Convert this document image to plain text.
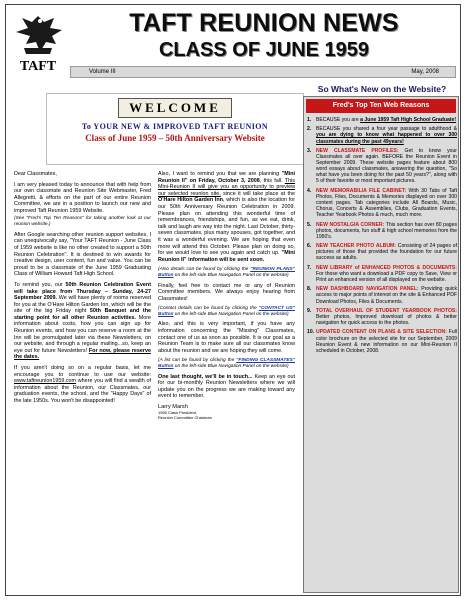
TAFT
TAFT REUNION NEWS
CLASS OF JUNE 1959
Volume III	May, 2008
WELCOME
To YOUR NEW & IMPROVED TAFT REUNION
Class of June 1959 – 50th Anniversary Website

Dear Classmates,

I am very pleased today to announce that with help from our own classmate and Reunion Site Webmaster, Fred Allegretti, & efforts on the part of our entire Reunion Committee, we are in a position to launch our new and improved Taft Reunion 1959 Website.
(See "Fred's Top Ten Reasons" for taking another look at our reunion website.)

After Google searching other reunion support websites, I can unequivocally say, "Your TAFT Reunion - June Class of 1959 website is like no other created to support a 50th Reunion Celebration". It is destined to win awards for creative design, user content, fun and value. You can be proud to be a classmate of the June 1959 Graduating Class of William Howard Taft High School.

To remind you, our 50th Reunion Celebration Event will take place from Thursday – Sunday, 24-27 September 2009. We will have plenty of rooms reserved for you at the O'Hare Hilton Garden Inn, which will be the site of the big Friday night 50th Banquet and the starting point for all other Reunion activities. More information about costs, how you can sign up for Reunion events, and how you can reserve a room at the Inn will be promulgated later via these Newsletters, on our website, and through a regular mailing...so, keep an eye out for future Newsletters! For now, please reserve the dates.

If you aren't doing so on a regular basis, let me encourage you to continue to use our website: www.taftreunion1959.com where you will find a wealth of information about the Reunion, our Classmates, our graduation events, the school, and the "Happy Days" of the late 1950s. You won't be disappointed!

Also, I want to remind you that we are planning "Mini Reunion II" on Friday, October 3, 2008, this fall. This Mini-Reunion II will give you an opportunity to preview our selected reunion site, since it will take place at the O'Hare Hilton Garden Inn, which is also the location for our 50th Anniversary Reunion Celebration in 2009. Please plan on attending this wonderful time of remembrances, friendships, and fun, as we eat, drink, talk and laugh are way into the night. Last October, thirty-seven classmates, plus many spouses, got together, and it was a wonderful evening. We are hoping that even more will attend this October. Please plan on doing so, for we would love to see you again and catch up. "Mini Reunion II" information will be sent soon.

(Also details can be found by clicking the "REUNION PLANS" Button on the left-side Blue Navigation Panel on the website)

Finally, feel free to contact me or any of Reunion Committee members. We always enjoy hearing from Classmates!

(Contact details can be found by clicking the "CONTACT US" Button on the left-side Blue Navigation Panel on the website)

Also, and this is very important, if you have any information concerning the "Missing" Classmates, contact one of us as soon as possible. It is our goal as a Reunion Team is to make sure all our classmates know about the reunion and we are hoping they will come.

(A list can be found by clicking the "FINDING CLASSMATES" Button on the left-side Blue Navigation Panel on the website)

One last thought, we'll be in touch... Keep an eye out for our bi-monthly Reunion Newsletters where we will update you on the progress we are making toward any event to remember.

Larry Marsh
1959 Class President,
Reunion Committee Chairman
So What's New on the Website?
Fred's Top Ten Web Reasons
1. BECAUSE you are a June 1959 Taft High School Graduate!
2. BECAUSE you shared a four year passage to adulthood & you are dying to know what happened to over 300 classmates during the past 49years!
3. NEW CLASSMATE PROFILES: Get to know your Classmates all over again. BEFORE the Reunion Event in September 2009. These website pages feature about 800 word essays about classmates, answering the question, "So what have you been doing for the past 50 years?", along with 5 of their favorite or most important pictures.
4. NEW MEMORABILIA FILE CABINET: With 30 Tabs of Taft Photos, Files, Documents & Memories displayed on over 300 content pages. Tab categories include All Boards, Music, Chorus, Concerts & Assemblies, Clubs, Graduation Events, Teacher Yearbook Photos & much, much more.
5. NEW NOSTALGIA CORNER: This section has over 80 pages photos, documents, fun stuff & high school memories from the 1950's.
6. NEW TEACHER PHOTO ALBUM: Consisting of 24 pages of pictures of those that provided the foundation for our future success as adults.
7. NEW LIBRARY of ENHANCED PHOTOS & DOCUMENTS: For those who want a download a PDF copy to Save, View or Print an enhanced version of all displayed on the website.
8. NEW DASHBOARD NAVIGATION PANEL: Providing quick access to major points of interest on the site & Enhanced PDF Download Photos, Files & Documents.
9. TOTAL OVERHAUL OF STUDENT YEARBOOK PHOTOS: Better photos, Improved download of photos & better navigation for quick access to the photos.
10. UPDATED CONTENT ON PLANS & SITE SELECTION: Full color brochure on the selected site for our September, 2009 Reunion Event & new information on our Mini-Reunion II scheduled in October, 2008.
